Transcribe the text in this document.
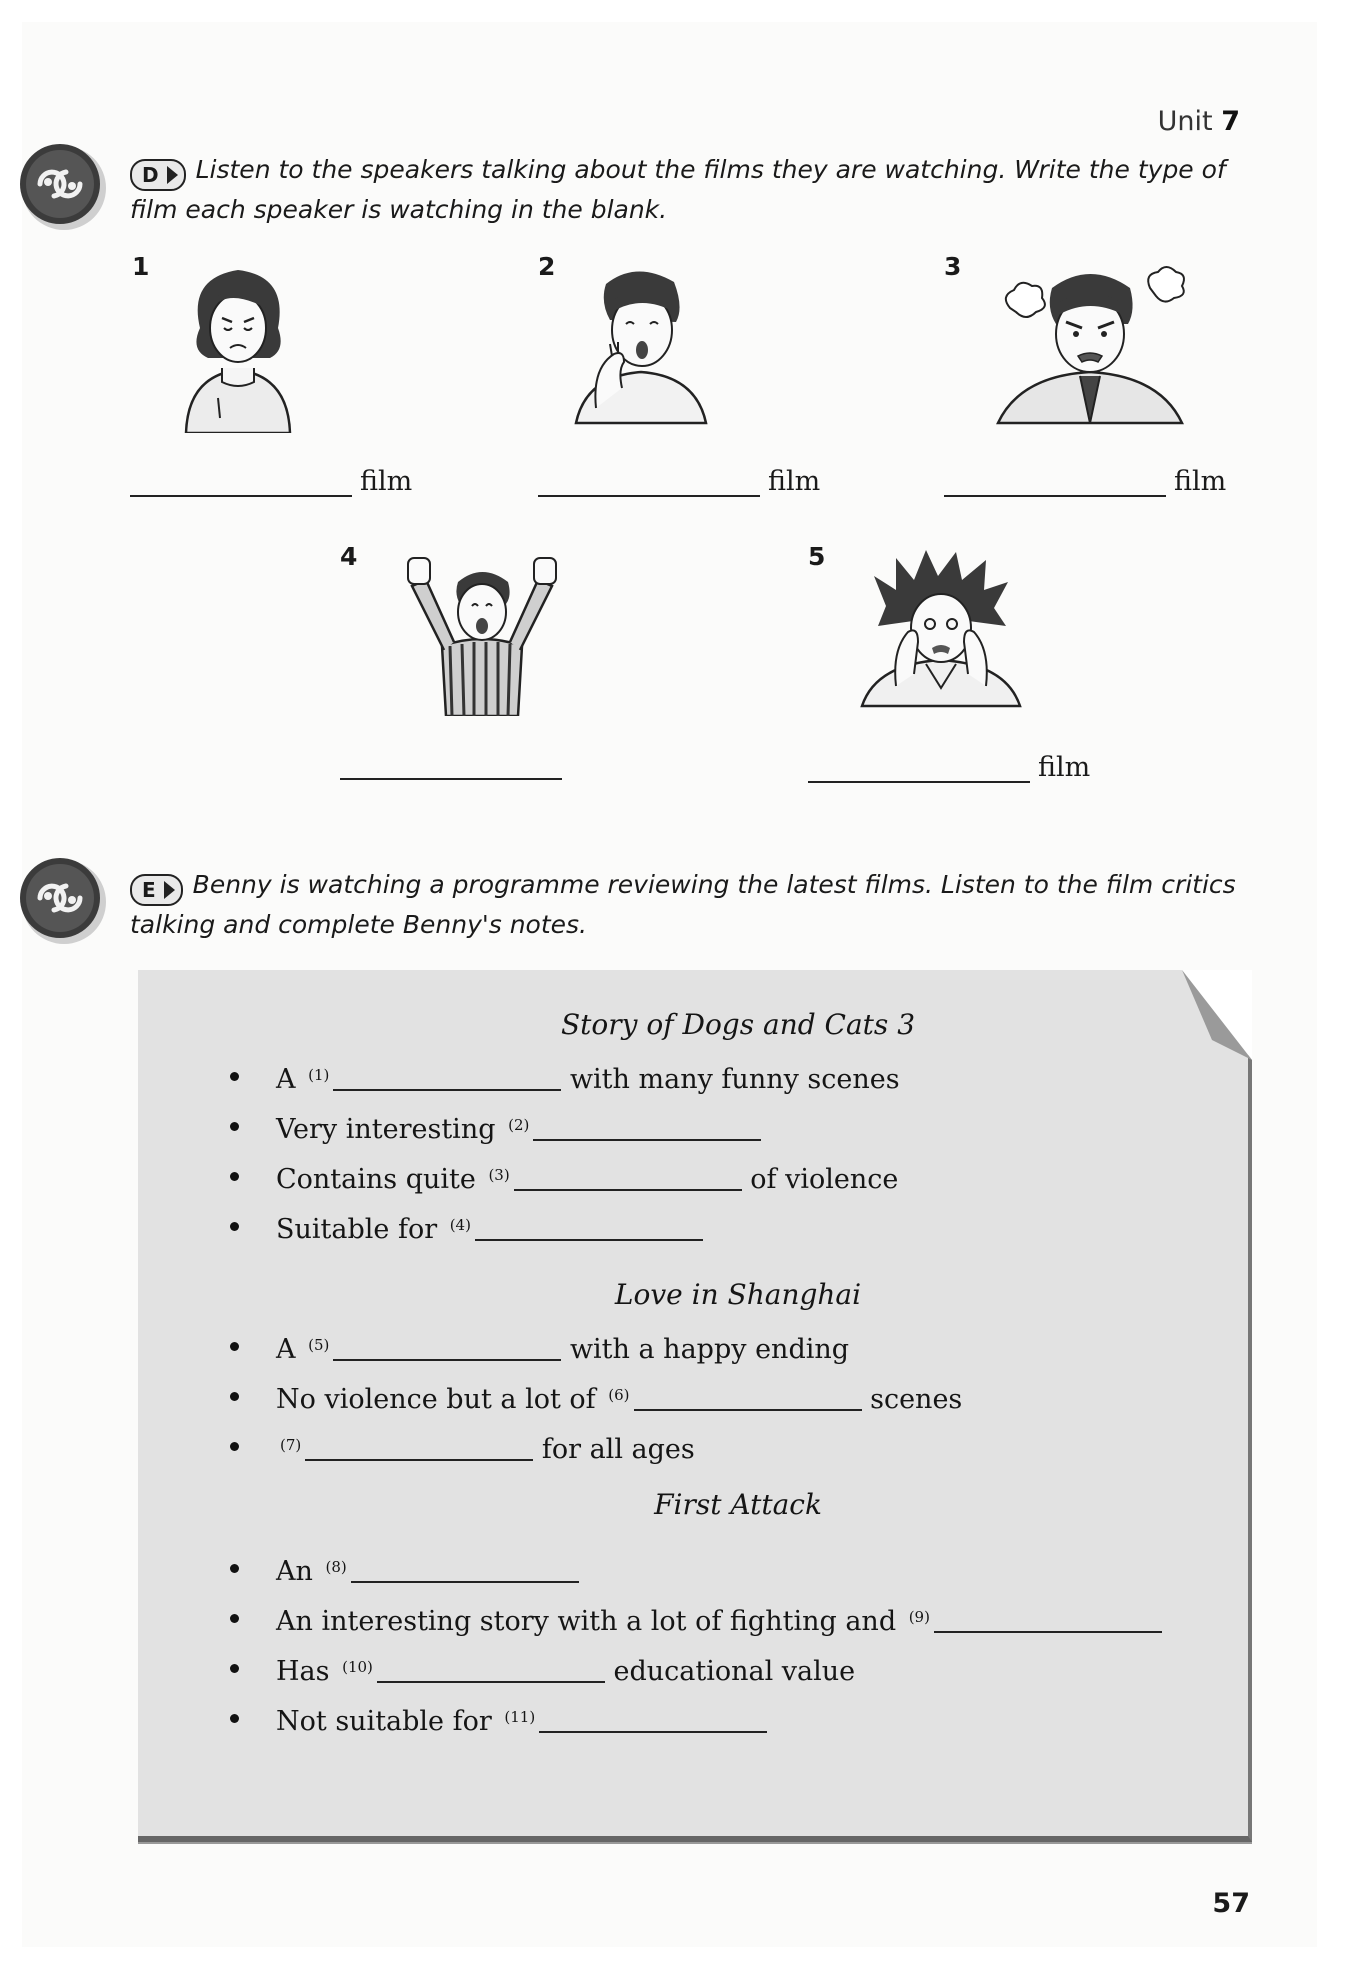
Unit 7
D Listen to the speakers talking about the films they are watching. Write the type of film each speaker is watching in the blank.
1
film
2
film
3
film
4	5
film
E Benny is watching a programme reviewing the latest films. Listen to the film critics talking and complete Benny's notes.
Story of Dogs and Cats 3
A $^{(1)}$	with many funny scenes
Very interesting $^{(2)}$
Contains quite $^{(3)}$	of violence
Suitable for $^{(4)}$
Love in Shanghai
A $^{(5)}$	with a happy ending
No violence but a lot of $^{(6)}$	scenes
$^{(7)}$	for all ages
First Attack
An $^{(8)}$
An interesting story with a lot of fighting and $^{(9)}$
Has $^{(10)}$	educational value
Not suitable for $^{(11)}$
57
